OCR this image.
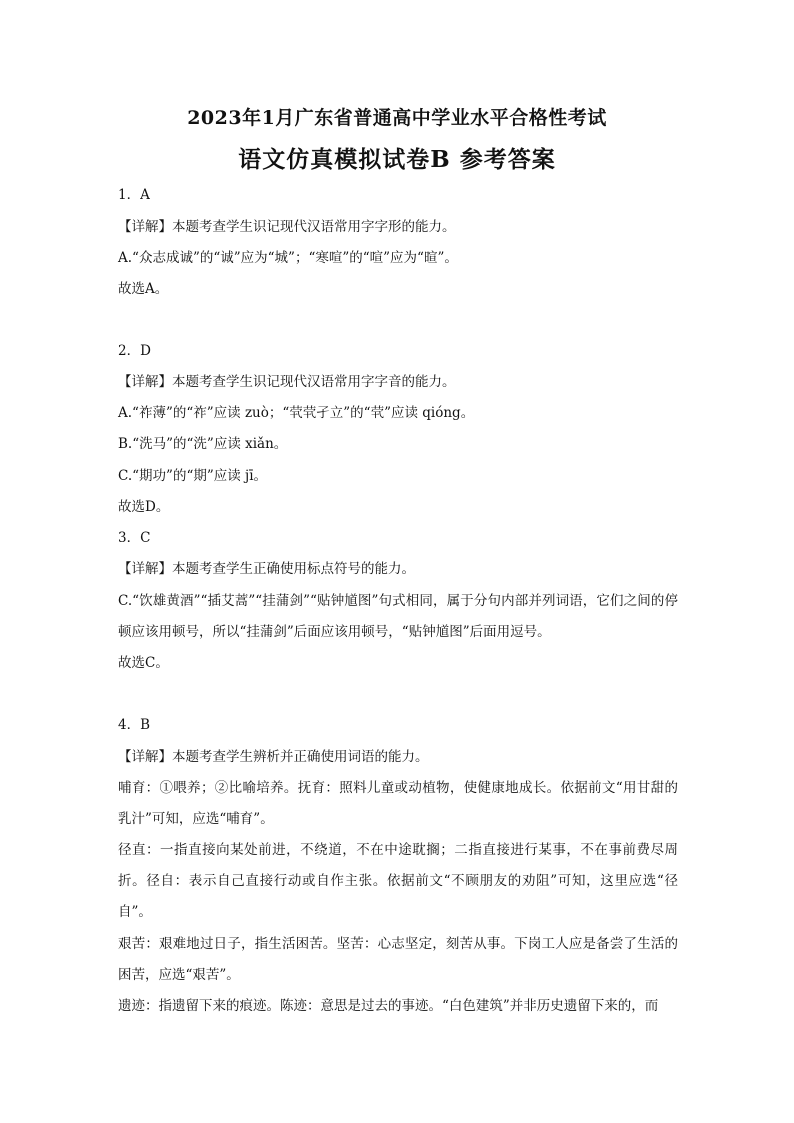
2023年1月广东省普通高中学业水平合格性考试
语文仿真模拟试卷B 参考答案
1．A
【详解】本题考查学生识记现代汉语常用字字形的能力。
A.“众志成诚”的“诚”应为“城”；“寒喧”的“喧”应为“暄”。
故选A。
2．D
【详解】本题考查学生识记现代汉语常用字字音的能力。
A.“祚薄”的“祚”应读 zuò；“茕茕孑立”的“茕”应读 qióng。
B.“洗马”的“洗”应读 xiǎn。
C.“期功”的“期”应读 jī。
故选D。
3．C
【详解】本题考查学生正确使用标点符号的能力。
C.“饮雄黄酒”“插艾蒿”“挂蒲剑”“贴钟馗图”句式相同，属于分句内部并列词语，它们之间的停顿应该用顿号，所以“挂蒲剑”后面应该用顿号，“贴钟馗图”后面用逗号。
故选C。
4．B
【详解】本题考查学生辨析并正确使用词语的能力。
哺育：①喂养；②比喻培养。抚育：照料儿童或动植物，使健康地成长。依据前文“用甘甜的乳汁”可知，应选“哺育”。
径直：一指直接向某处前进，不绕道，不在中途耽搁；二指直接进行某事，不在事前费尽周折。径自：表示自己直接行动或自作主张。依据前文“不顾朋友的劝阻”可知，这里应选“径自”。
艰苦：艰难地过日子，指生活困苦。坚苦：心志坚定，刻苦从事。下岗工人应是备尝了生活的困苦，应选“艰苦”。
遗迹：指遗留下来的痕迹。陈迹：意思是过去的事迹。“白色建筑”并非历史遗留下来的，而
